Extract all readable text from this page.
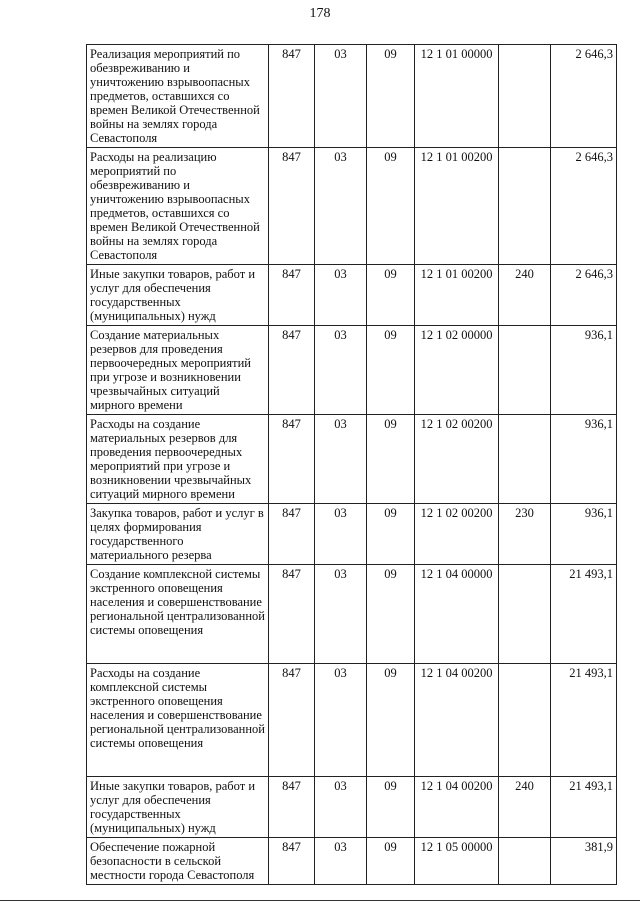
178
Реализация мероприятий по обезвреживанию и уничтожению взрывоопасных предметов, оставшихся со времен Великой Отечественной войны на землях города Севастополя	847	03	09	12 1 01 00000		2 646,3
Расходы на реализацию мероприятий по обезвреживанию и уничтожению взрывоопасных предметов, оставшихся со времен Великой Отечественной войны на землях города Севастополя	847	03	09	12 1 01 00200		2 646,3
Иные закупки товаров, работ и услуг для обеспечения государственных (муниципальных) нужд	847	03	09	12 1 01 00200	240	2 646,3
Создание материальных резервов для проведения первоочередных мероприятий при угрозе и возникновении чрезвычайных ситуаций мирного времени	847	03	09	12 1 02 00000		936,1
Расходы на создание материальных резервов для проведения первоочередных мероприятий при угрозе и возникновении чрезвычайных ситуаций мирного времени	847	03	09	12 1 02 00200		936,1
Закупка товаров, работ и услуг в целях формирования государственного материального резерва	847	03	09	12 1 02 00200	230	936,1
Создание комплексной системы экстренного оповещения населения и совершенствование региональной централизованной системы оповещения	847	03	09	12 1 04 00000		21 493,1
Расходы на создание комплексной системы экстренного оповещения населения и совершенствование региональной централизованной системы оповещения	847	03	09	12 1 04 00200		21 493,1
Иные закупки товаров, работ и услуг для обеспечения государственных (муниципальных) нужд	847	03	09	12 1 04 00200	240	21 493,1
Обеспечение пожарной безопасности в сельской местности города Севастополя	847	03	09	12 1 05 00000		381,9
